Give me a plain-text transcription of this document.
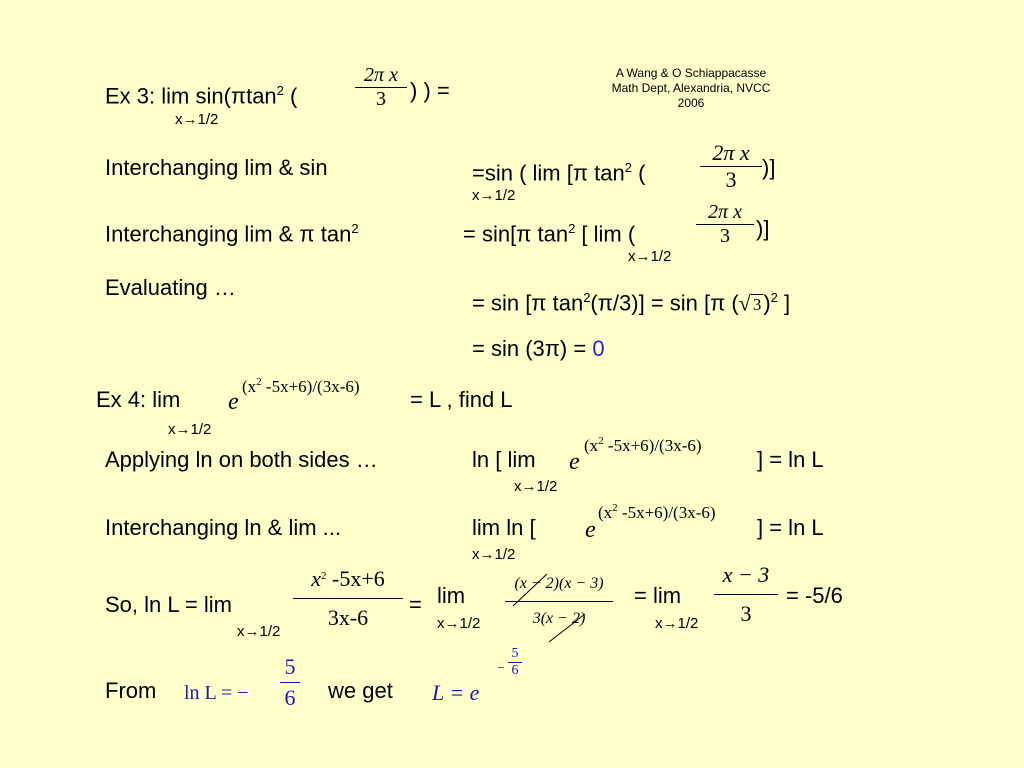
A Wang & O Schiappacasse
Math Dept, Alexandria, NVCC
2006
Ex 3: lim sin(πtan$^2$ (
2π x
3	) ) =
x→1/2
Interchanging lim & sin	=sin ( lim [π $\tan^2$ (
2π x
3	)]
x→1/2
Interchanging lim & π $\tan^2$	= sin[π $\tan^2$ [ lim (
2π x
3	)]
x→1/2
Evaluating …
= sin [π $\tan^2(\pi/3)] = \sin [\pi$ (√ 3)$^2$ ]
= sin (3π) = 0
Ex 4: lim e
($x^2$ -5x+6)/(3x-6)
= L , find L
x→1/2
Applying ln on both sides …	ln [ lim e
($x^2$ -5x+6)/(3x-6)
] = ln L
x→1/2
Interchanging ln & lim ...	lim ln [ e
($x^2$ -5x+6)/(3x-6)
] = ln L
x→1/2
So, ln L = lim
$x^2$ -5x+6
3x-6
x→1/2
= lim
x→1/2
(x − 2)(x − 3)
3(x − 2)
= lim
x→1/2
x − 3
3
= -5/6
From ln L = −
5
6 we get L = e
−
5
6
